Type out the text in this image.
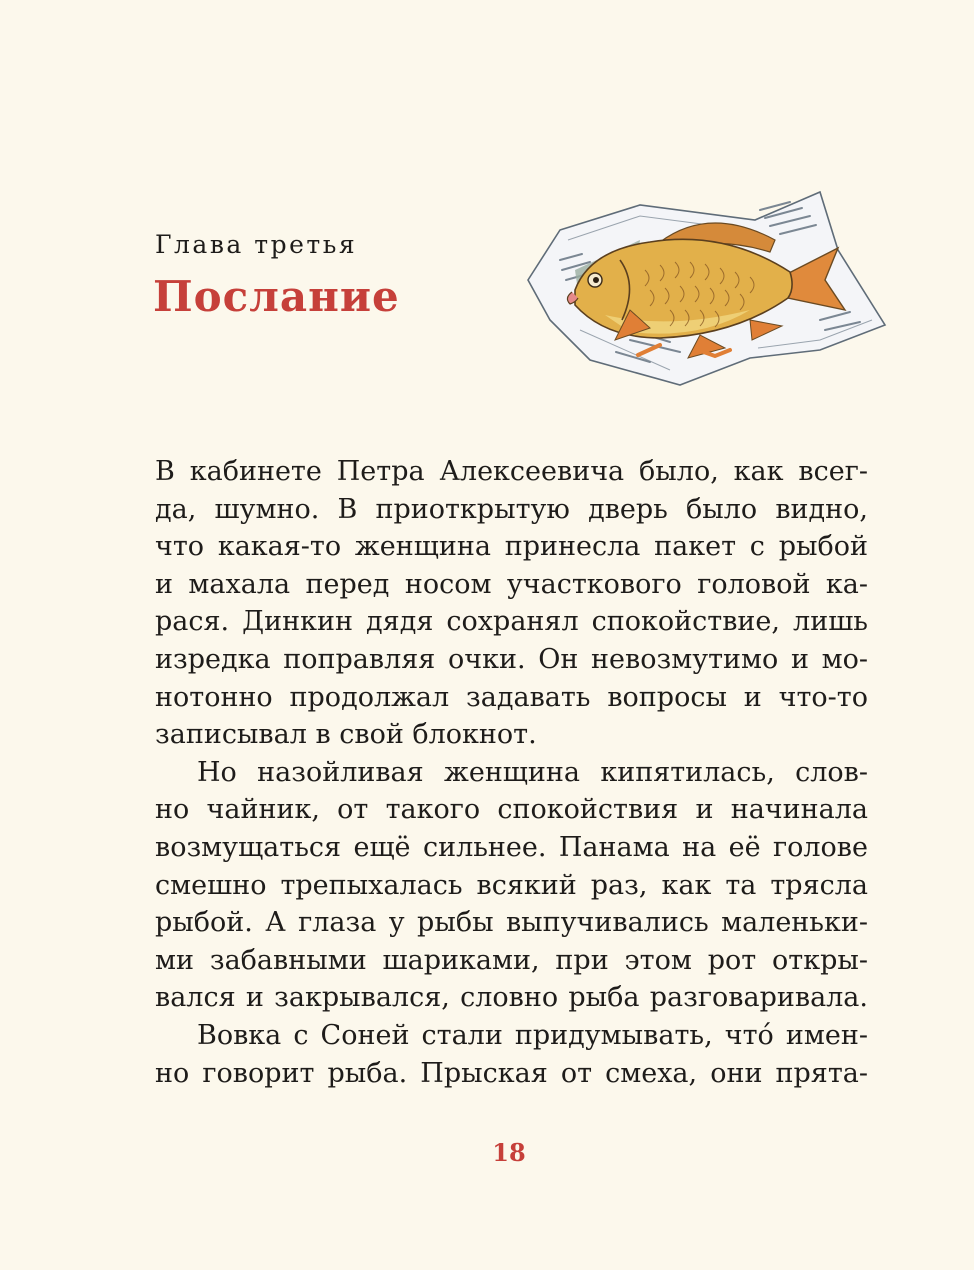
Глава третья
Послание

В кабинете Петра Алексеевича было, как всег-
да, шумно. В приоткрытую дверь было видно,
что какая-то женщина принесла пакет с рыбой
и махала перед носом участкового головой ка-
рася. Динкин дядя сохранял спокойствие, лишь
изредка поправляя очки. Он невозмутимо и мо-
нотонно продолжал задавать вопросы и что-то
записывал в свой блокнот.

Но назойливая женщина кипятилась, слов-
но чайник, от такого спокойствия и начинала
возмущаться ещё сильнее. Панама на её голове
смешно трепыхалась всякий раз, как та трясла
рыбой. А глаза у рыбы выпучивались маленьки-
ми забавными шариками, при этом рот откры-
вался и закрывался, словно рыба разговаривала.

Вовка с Соней стали придумывать, чтó имен-
но говорит рыба. Прыская от смеха, они прята-

18
